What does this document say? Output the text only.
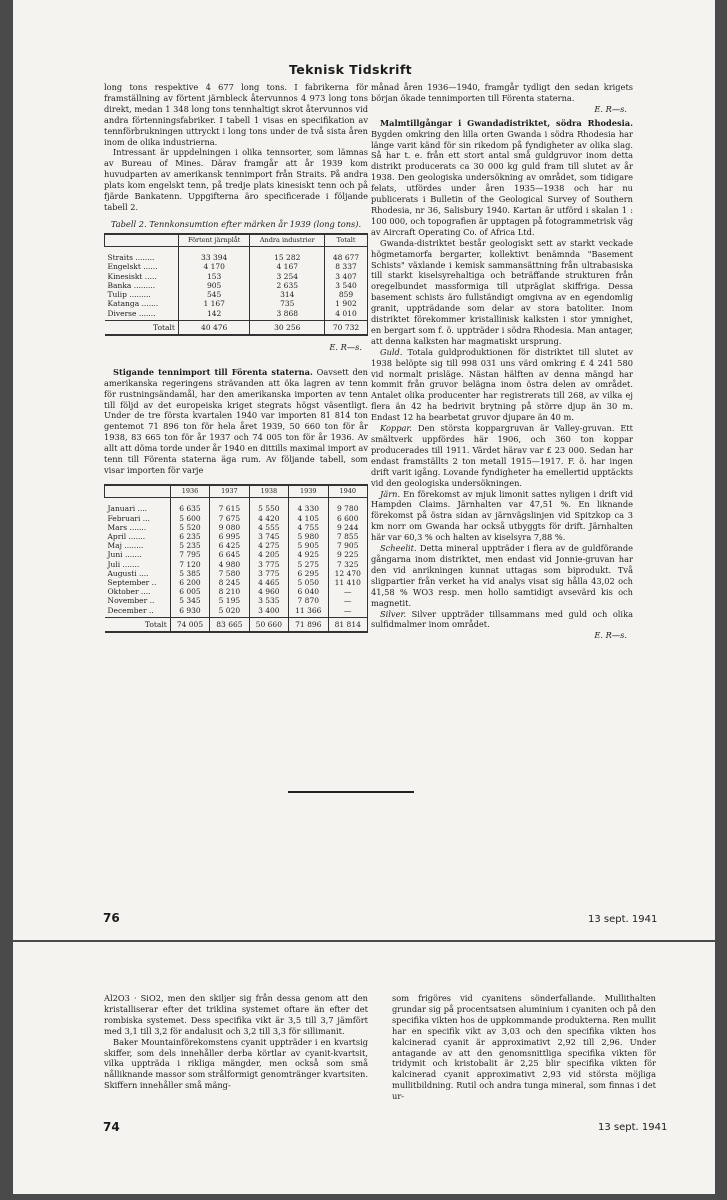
Teknisk Tidskrift

long tons respektive 4 677 long tons. I fabrikerna för framställning av förtent järnbleck återvunnos 4 973 long tons direkt, medan 1 348 long tons tennhaltigt skrot återvunnos vid andra förtenningsfabriker. I tabell 1 visas en specifikation av tennförbrukningen uttryckt i long tons under de två sista åren inom de olika industrierna.

Intressant är uppdelningen i olika tennsorter, som lämnas av Bureau of Mines. Därav framgår att år 1939 kom huvudparten av amerikansk tennimport från Straits. På andra plats kom engelskt tenn, på tredje plats kinesiskt tenn och på fjärde Bankatenn. Uppgifterna äro specificerade i följande tabell 2.

Tabell 2. Tennkonsumtion efter märken år 1939 (long tons).
	Förtent järnplåt	Andra industrier	Totalt
Straits ........	33 394	15 282	48 677
Engelskt ......	4 170	4 167	8 337
Kinesiskt .....	153	3 254	3 407
Banka .........	905	2 635	3 540
Tulip .........	545	314	859
Katanga .......	1 167	735	1 902
Diverse .......	142	3 868	4 010
Totalt	40 476	30 256	70 732
E. R—s.

Stigande tennimport till Förenta staterna. Oavsett den amerikanska regeringens strävanden att öka lagren av tenn för rustningsändamål, har den amerikanska importen av tenn till följd av det europeiska kriget stegrats högst väsentligt. Under de tre första kvartalen 1940 var importen 81 814 ton gentemot 71 896 ton för hela året 1939, 50 660 ton för år 1938, 83 665 ton för år 1937 och 74 005 ton för år 1936. Av allt att döma torde under år 1940 en dittills maximal import av tenn till Förenta staterna äga rum. Av följande tabell, som visar importen för varje

	1936	1937	1938	1939	1940
Januari ....	6 635	7 615	5 550	4 330	9 780
Februari ...	5 600	7 675	4 420	4 105	6 600
Mars .......	5 520	9 080	4 555	4 755	9 244
April .......	6 235	6 995	3 745	5 980	7 855
Maj ........	5 235	6 425	4 275	5 905	7 905
Juni .......	7 795	6 645	4 205	4 925	9 225
Juli .......	7 120	4 980	3 775	5 275	7 325
Augusti ....	5 385	7 580	3 775	6 295	12 470
September ..	6 200	8 245	4 465	5 050	11 410
Oktober ....	6 005	8 210	4 960	6 040	—
November ..	5 345	5 195	3 535	7 870	—
December ..	6 930	5 020	3 400	11 366	—
Totalt	74 005	83 665	50 660	71 896	81 814

månad åren 1936—1940, framgår tydligt den sedan krigets början ökade tennimporten till Förenta staterna.

E. R—s.

Malmtillgångar i Gwandadistriktet, södra Rhodesia. Bygden omkring den lilla orten Gwanda i södra Rhodesia har länge varit känd för sin rikedom på fyndigheter av olika slag. Så har t. e. från ett stort antal små guldgruvor inom detta distrikt producerats ca 30 000 kg guld fram till slutet av år 1938. Den geologiska undersökning av området, som tidigare felats, utfördes under åren 1935—1938 och har nu publicerats i Bulletin of the Geological Survey of Southern Rhodesia, nr 36, Salisbury 1940. Kartan är utförd i skalan 1 : 100 000, och topografien är upptagen på fotogrammetrisk väg av Aircraft Operating Co. of Africa Ltd.

Gwanda-distriktet består geologiskt sett av starkt veckade högmetamorfa bergarter, kollektivt benämnda "Basement Schists" växlande i kemisk sammansättning från ultrabasiska till starkt kiselsyrehaltiga och beträffande strukturen från oregelbundet massformiga till utpräglat skiffriga. Dessa basement schists äro fullständigt omgivna av en egendomlig granit, uppträdande som delar av stora batoliter. Inom distriktet förekommer kristallinisk kalksten i stor ymnighet, en bergart som f. ö. uppträder i södra Rhodesia. Man antager, att denna kalksten har magmatiskt ursprung.

Guld. Totala guldproduktionen för distriktet till slutet av 1938 belöpte sig till 998 031 uns värd omkring £ 4 241 580 vid normalt prisläge. Nästan hälften av denna mängd har kommit från gruvor belägna inom östra delen av området. Antalet olika producenter har registrerats till 268, av vilka ej flera än 42 ha bedrivit brytning på större djup än 30 m. Endast 12 ha bearbetat gruvor djupare än 40 m.

Koppar. Den största koppargruvan är Valley-gruvan. Ett smältverk uppfördes här 1906, och 360 ton koppar producerades till 1911. Värdet härav var £ 23 000. Sedan har endast framställts 2 ton metall 1915—1917. F. ö. har ingen drift varit igång. Lovande fyndigheter ha emellertid upptäckts vid den geologiska undersökningen.

Järn. En förekomst av mjuk limonit sattes nyligen i drift vid Hampden Claims. Järnhalten var 47,51 %. En liknande förekomst på östra sidan av järnvägslinjen vid Spitzkop ca 3 km norr om Gwanda har också utbyggts för drift. Järnhalten här var 60,3 % och halten av kiselsyra 7,88 %.

Scheelit. Detta mineral uppträder i flera av de guldförande gångarna inom distriktet, men endast vid Jonnie-gruvan har den vid anrikningen kunnat uttagas som biprodukt. Två sligpartier från verket ha vid analys visat sig hålla 43,02 och 41,58 % WO3 resp. men hollo samtidigt avsevärd kis och magnetit.

Silver. Silver uppträder tillsammans med guld och olika sulfidmalmer inom området.

E. R—s.
76	13 sept. 1941

Al2O3 · SiO2, men den skiljer sig från dessa genom att den kristalliserar efter det triklina systemet oftare än efter det rombiska systemet. Dess specifika vikt är 3,5 till 3,7 jämfört med 3,1 till 3,2 för andalusit och 3,2 till 3,3 för sillimanit.

Baker Mountainförekomstens cyanit uppträder i en kvartsig skiffer, som dels innehåller derba körtlar av cyanit-kvartsit, vilka uppträda i rikliga mängder, men också som små nålliknande massor som strålformigt genomtränger kvartsiten. Skiffern innehåller små mäng-

som frigöres vid cyanitens sönderfallande. Mullithalten grundar sig på procentsatsen aluminium i cyaniten och på den specifika vikten hos de uppkommande produkterna. Ren mullit har en specifik vikt av 3,03 och den specifika vikten hos kalcinerad cyanit är approximativt 2,92 till 2,96. Under antagande av att den genomsnittliga specifika vikten för tridymit och kristobalit är 2,25 blir specifika vikten för kalcinerad cyanit approximativt 2,93 vid största möjliga mullitbildning. Rutil och andra tunga mineral, som finnas i det ur-

74	13 sept. 1941
